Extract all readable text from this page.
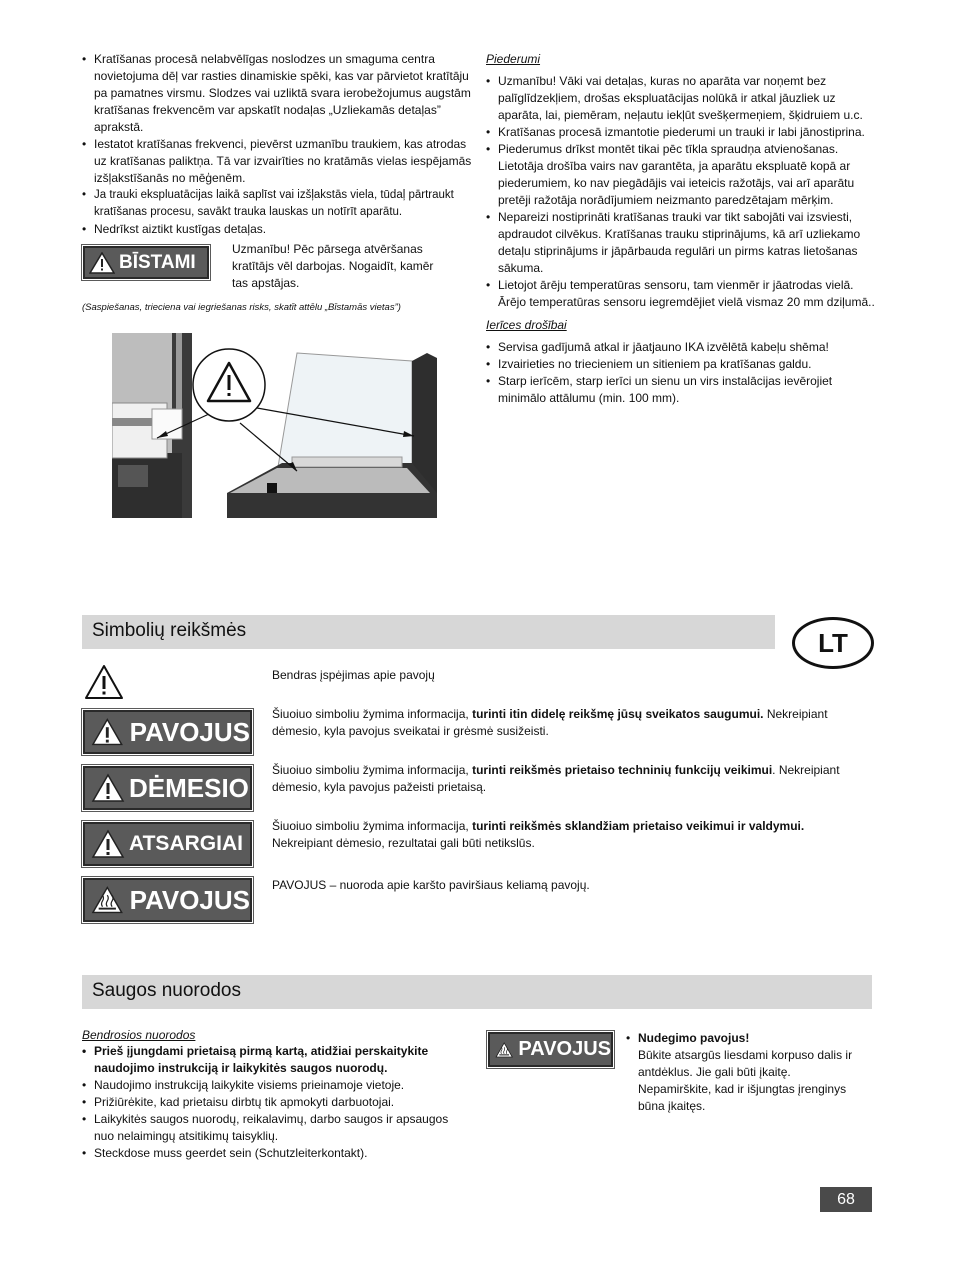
• Kratīšanas procesā nelabvēlīgas noslodzes un smaguma centra novietojuma dēļ var rasties dinamiskie spēki, kas var pārvietot kratītāju pa pamatnes virsmu. Slodzes vai uzliktā svara ierobežojumus augstām kratīšanas frekvencēm var apskatīt nodaļas „Uzliekamās detaļas” aprakstā.
• Iestatot kratīšanas frekvenci, pievērst uzmanību traukiem, kas atrodas uz kratīšanas paliktņa. Tā var izvairīties no kratāmās vielas iespējamās izšļakstīšanās no mēģenēm.
• Ja trauki ekspluatācijas laikā saplīst vai izšļakstās viela, tūdaļ pārtraukt kratīšanas procesu, savākt trauka lauskas un notīrīt aparātu.
• Nedrīkst aiztikt kustīgas detaļas.
BĪSTAMI
Uzmanību! Pēc pārsega atvēršanas kratītājs vēl darbojas. Nogaidīt, kamēr tas apstājas.
(Saspiešanas, trieciena vai iegriešanas risks, skatīt attēlu „Bīstamās vietas”)
Piederumi
• Uzmanību! Vāki vai detaļas, kuras no aparāta var noņemt bez palīglīdzekļiem, drošas ekspluatācijas nolūkā ir atkal jāuzliek uz aparāta, lai, piemēram, neļautu iekļūt svešķermeņiem, šķidruiem u.c.
• Kratīšanas procesā izmantotie piederumi un trauki ir labi jānostiprina.
• Piederumus drīkst montēt tikai pēc tīkla spraudņa atvienošanas. Lietotāja drošība vairs nav garantēta, ja aparātu ekspluatē kopā ar piederumiem, ko nav piegādājis vai ieteicis ražotājs, vai arī aparātu pretēji ražotāja norādījumiem neizmanto paredzētajam mērķim.
• Nepareizi nostiprināti kratīšanas trauki var tikt sabojāti vai izsviesti, apdraudot cilvēkus. Kratīšanas trauku stiprinājums, kā arī uzliekamo detaļu stiprinājums ir jāpārbauda regulāri un pirms katras lietošanas sākuma.
• Lietojot ārēju temperatūras sensoru, tam vienmēr ir jāatrodas vielā. Ārējo temperatūras sensoru iegremdējiet vielā vismaz 20 mm dziļumā..
Ierīces drošībai
• Servisa gadījumā atkal ir jāatjauno IKA izvēlētā kabeļu shēma!
• Izvairieties no triecieniem un sitieniem pa kratīšanas galdu.
• Starp ierīcēm, starp ierīci un sienu un virs instalācijas ievērojiet minimālo attālumu (min. 100 mm).
Simbolių reikšmės	LT
Bendras įspėjimas apie pavojų
PAVOJUS
Šiuoiuo simboliu žymima informacija, turinti itin didelę reikšmę jūsų sveikatos saugumui. Nekreipiant dėmesio, kyla pavojus sveikatai ir grėsmė susižeisti.
DĖMESIO
Šiuoiuo simboliu žymima informacija, turinti reikšmės prietaiso techninių funkcijų veikimui. Nekreipiant dėmesio, kyla pavojus pažeisti prietaisą.
ATSARGIAI
Šiuoiuo simboliu žymima informacija, turinti reikšmės sklandžiam prietaiso veikimui ir valdymui. Nekreipiant dėmesio, rezultatai gali būti netikslūs.
PAVOJUS PAVOJUS – nuoroda apie karšto paviršiaus keliamą pavojų.
Saugos nuorodos
Bendrosios nuorodos
• Prieš įjungdami prietaisą pirmą kartą, atidžiai perskaitykite naudojimo instrukciją ir laikykitės saugos nuorodų.
• Naudojimo instrukciją laikykite visiems prieinamoje vietoje.
• Prižiūrėkite, kad prietaisu dirbtų tik apmokyti darbuotojai.
• Laikykitės saugos nuorodų, reikalavimų, darbo saugos ir apsaugos nuo nelaimingų atsitikimų taisyklių.
• Steckdose muss geerdet sein (Schutzleiterkontakt).
PAVOJUS
•	Nudegimo pavojus!
Būkite atsargūs liesdami korpuso dalis ir antdėklus. Jie gali būti įkaitę. Nepamirškite, kad ir išjungtas įrenginys būna įkaitęs.
68
